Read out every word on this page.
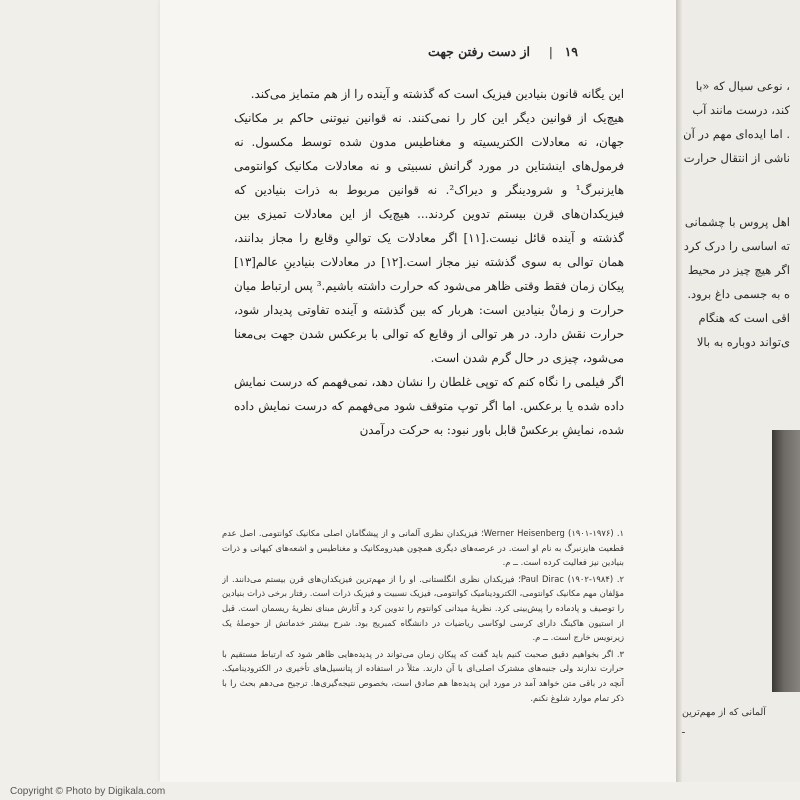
از دست رفتن جهت | ۱۹

این یگانه قانون بنیادین فیزیک است که گذشته و آینده را از هم متمایز می‌کند.

هیچ‌یک از قوانین دیگر این کار را نمی‌کنند. نه قوانین نیوتنی حاکم بر مکانیک جهان، نه معادلات الکتریسیته و مغناطیس مدون شده توسط مکسول. نه فرمول‌های اینشتاین در مورد گرانش نسبیتی و نه معادلات مکانیک کوانتومی هایزنبرگ¹ و شرودینگر و دیراک². نه قوانین مربوط به ذرات بنیادین که فیزیکدان‌های قرن بیستم تدوین کردند... هیچ‌یک از این معادلات تمیزی بین گذشته و آینده قائل نیست.[۱۱] اگر معادلات یک توالیِ وقایع را مجاز بدانند، همان توالی به سوی گذشته نیز مجاز است.[۱۲] در معادلات بنیادینِ عالم[۱۳] پیکان زمان فقط وقتی ظاهر می‌شود که حرارت داشته باشیم.³ پس ارتباط میان حرارت و زمانْ بنیادین است: هربار که بین گذشته و آینده تفاوتی پدیدار شود، حرارت نقش دارد. در هر توالی از وقایع که توالی با برعکس شدن جهت بی‌معنا می‌شود، چیزی در حال گرم شدن است.

اگر فیلمی را نگاه کنم که توپی غلطان را نشان دهد، نمی‌فهمم که درست نمایش داده شده یا برعکس. اما اگر توپ متوقف شود می‌فهمم که درست نمایش داده شده، نمایشِ برعکسْ قابل باور نبود: به حرکت درآمدن

۱. Werner Heisenberg (۱۹۰۱-۱۹۷۶)؛ فیزیکدان نظری آلمانی و از پیشگامان اصلی مکانیک کوانتومی. اصل عدم قطعیت هایزنبرگ به نام او است. در عرصه‌های دیگری همچون هیدرومکانیک و مغناطیس و اشعه‌های کیهانی و ذرات بنیادین نیز فعالیت کرده است. ــ م.

۲. Paul Dirac (۱۹۰۲-۱۹۸۴)؛ فیزیکدان نظری انگلستانی. او را از مهم‌ترین فیزیکدان‌های قرن بیستم می‌دانند. از مؤلفان مهم مکانیک کوانتومی، الکترودینامیک کوانتومی، فیزیک نسبیت و فیزیک ذرات است. رفتار برخی ذرات بنیادین را توصیف و پادماده را پیش‌بینی کرد. نظریهٔ میدانی کوانتوم را تدوین کرد و آثارش مبنای نظریهٔ ریسمان است. قبل از استیون هاکینگ دارای کرسی لوکاسی ریاضیات در دانشگاه کمبریج بود. شرح بیشتر خدماتش از حوصلهٔ یک زیرنویس خارج است. ــ م.

۳. اگر بخواهیم دقیق صحبت کنیم باید گفت که پیکان زمان می‌تواند در پدیده‌هایی ظاهر شود که ارتباط مستقیم با حرارت ندارند ولی جنبه‌های مشترک اصلی‌ای با آن دارند. مثلاً در استفاده از پتانسیل‌های تأخیری در الکترودینامیک. آنچه در باقی متن خواهد آمد در مورد این پدیده‌ها هم صادق است، بخصوص نتیجه‌گیری‌ها. ترجیح می‌دهم بحث را با ذکر تمام موارد شلوغ نکنم.

، نوعی سیال که «با
کند، درست مانند آب
. اما ایده‌ای مهم در آن
ناشی از انتقال حرارت
اهل پروس با چشمانی
ته اساسی را درک کرد
اگر هیچ چیز در محیط
ه به جسمی داغ برود.
اقی است که هنگام
ی‌تواند دوباره به بالا
آلمانی که از مهم‌ترین
ـ
Copyright © Photo by Digikala.com
